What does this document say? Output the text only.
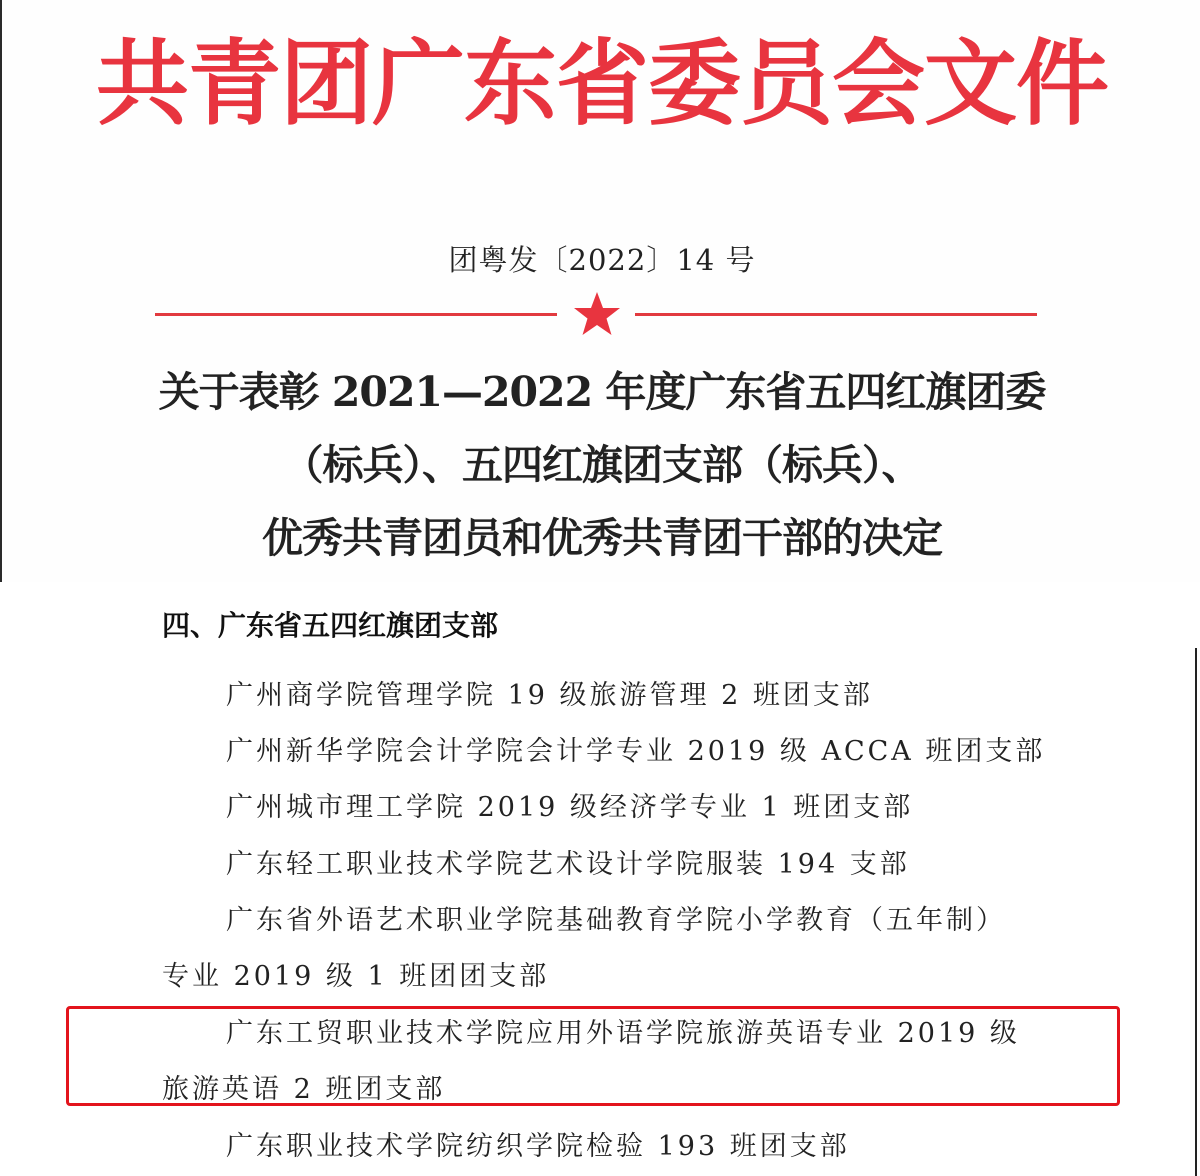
共青团广东省委员会文件
团粤发〔2022〕14 号
关于表彰 2021—2022 年度广东省五四红旗团委
（标兵）、五四红旗团支部（标兵）、
优秀共青团员和优秀共青团干部的决定
四、广东省五四红旗团支部
广州商学院管理学院 19 级旅游管理 2 班团支部
广州新华学院会计学院会计学专业 2019 级 ACCA 班团支部
广州城市理工学院 2019 级经济学专业 1 班团支部
广东轻工职业技术学院艺术设计学院服装 194 支部
广东省外语艺术职业学院基础教育学院小学教育（五年制）
专业 2019 级 1 班团团支部
广东工贸职业技术学院应用外语学院旅游英语专业 2019 级
旅游英语 2 班团支部
广东职业技术学院纺织学院检验 193 班团支部
